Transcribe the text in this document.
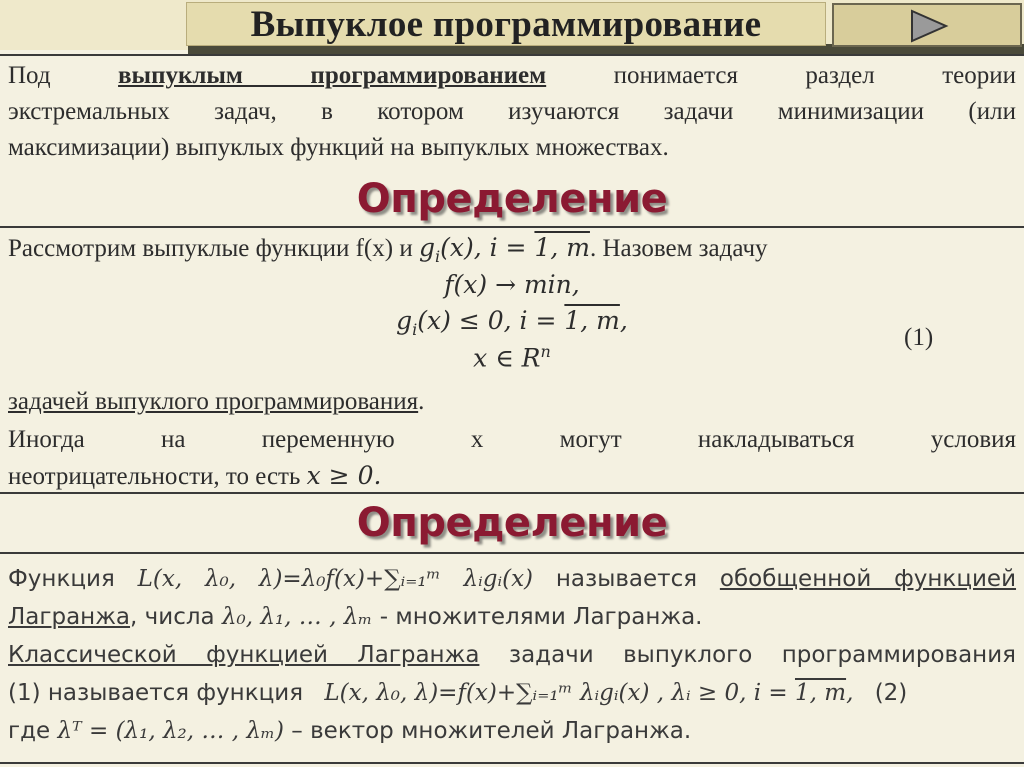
Выпуклое программирование
Под	выпуклым программированием	понимается раздел теории
экстремальных задач, в котором изучаются задачи минимизации (или
максимизации) выпуклых функций на выпуклых множествах.
Определение
Рассмотрим выпуклые функции f(x) и $g_i(x)$, i = 1, m. Назовем задачу
f(x) → min,
$g_i(x) \le 0$, i = 1, m,
(1)
x ∈ $R^n$
задачей выпуклого программирования.
Иногда на переменную x могут накладываться условия
неотрицательности, то есть x ≥ 0.
Определение
Функция L(x, λ₀, λ)=λ₀f(x)+∑ᵢ₌₁ᵐ λᵢgᵢ(x) называется обобщенной функцией
Лагранжа, числа λ₀, λ₁, … , λₘ - множителями Лагранжа.
Классической функцией Лагранжа задачи выпуклого программирования
(1) называется функция L(x, λ₀, λ)=f(x)+∑ᵢ₌₁ᵐ λᵢgᵢ(x) , λᵢ ≥ 0, i = 1, m, (2)
где λᵀ = (λ₁, λ₂, … , λₘ) – вектор множителей Лагранжа.
